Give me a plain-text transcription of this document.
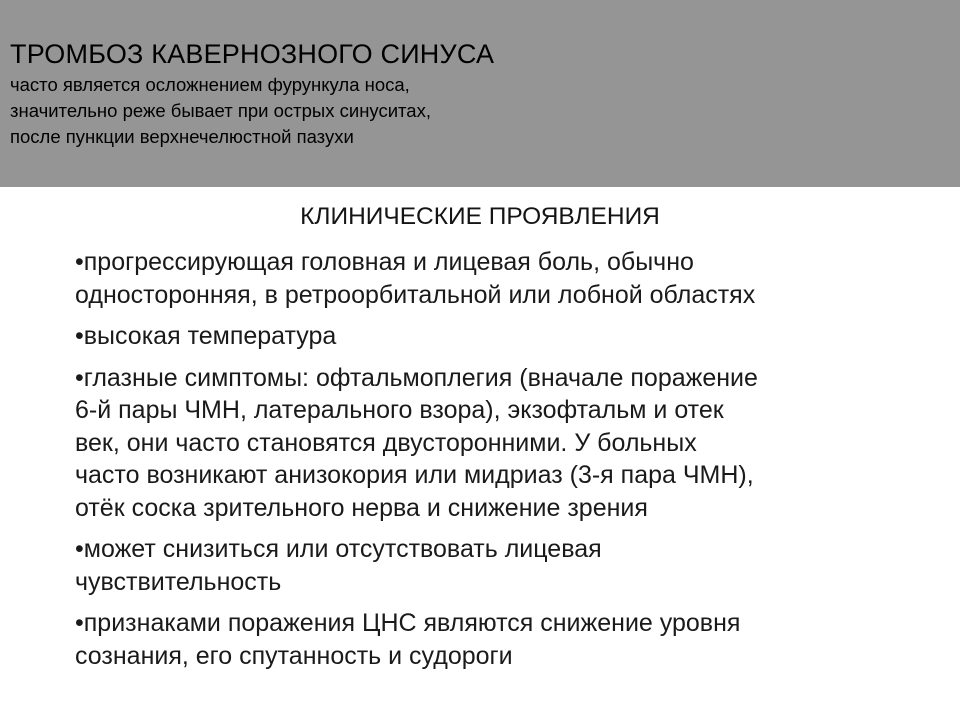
ТРОМБОЗ КАВЕРНОЗНОГО СИНУСА
часто является осложнением фурункула носа,
значительно реже бывает при острых синуситах,
после пункции верхнечелюстной пазухи
КЛИНИЧЕСКИЕ ПРОЯВЛЕНИЯ
•прогрессирующая головная и лицевая боль, обычно
односторонняя, в ретроорбитальной или лобной областях
•высокая температура
•глазные симптомы: офтальмоплегия (вначале поражение
6-й пары ЧМН, латерального взора), экзофтальм и отек
век, они часто становятся двусторонними. У больных
часто возникают анизокория или мидриаз (3-я пара ЧМН),
отёк соска зрительного нерва и снижение зрения
•может снизиться или отсутствовать лицевая
чувствительность
•признаками поражения ЦНС являются снижение уровня
сознания, его спутанность и судороги
